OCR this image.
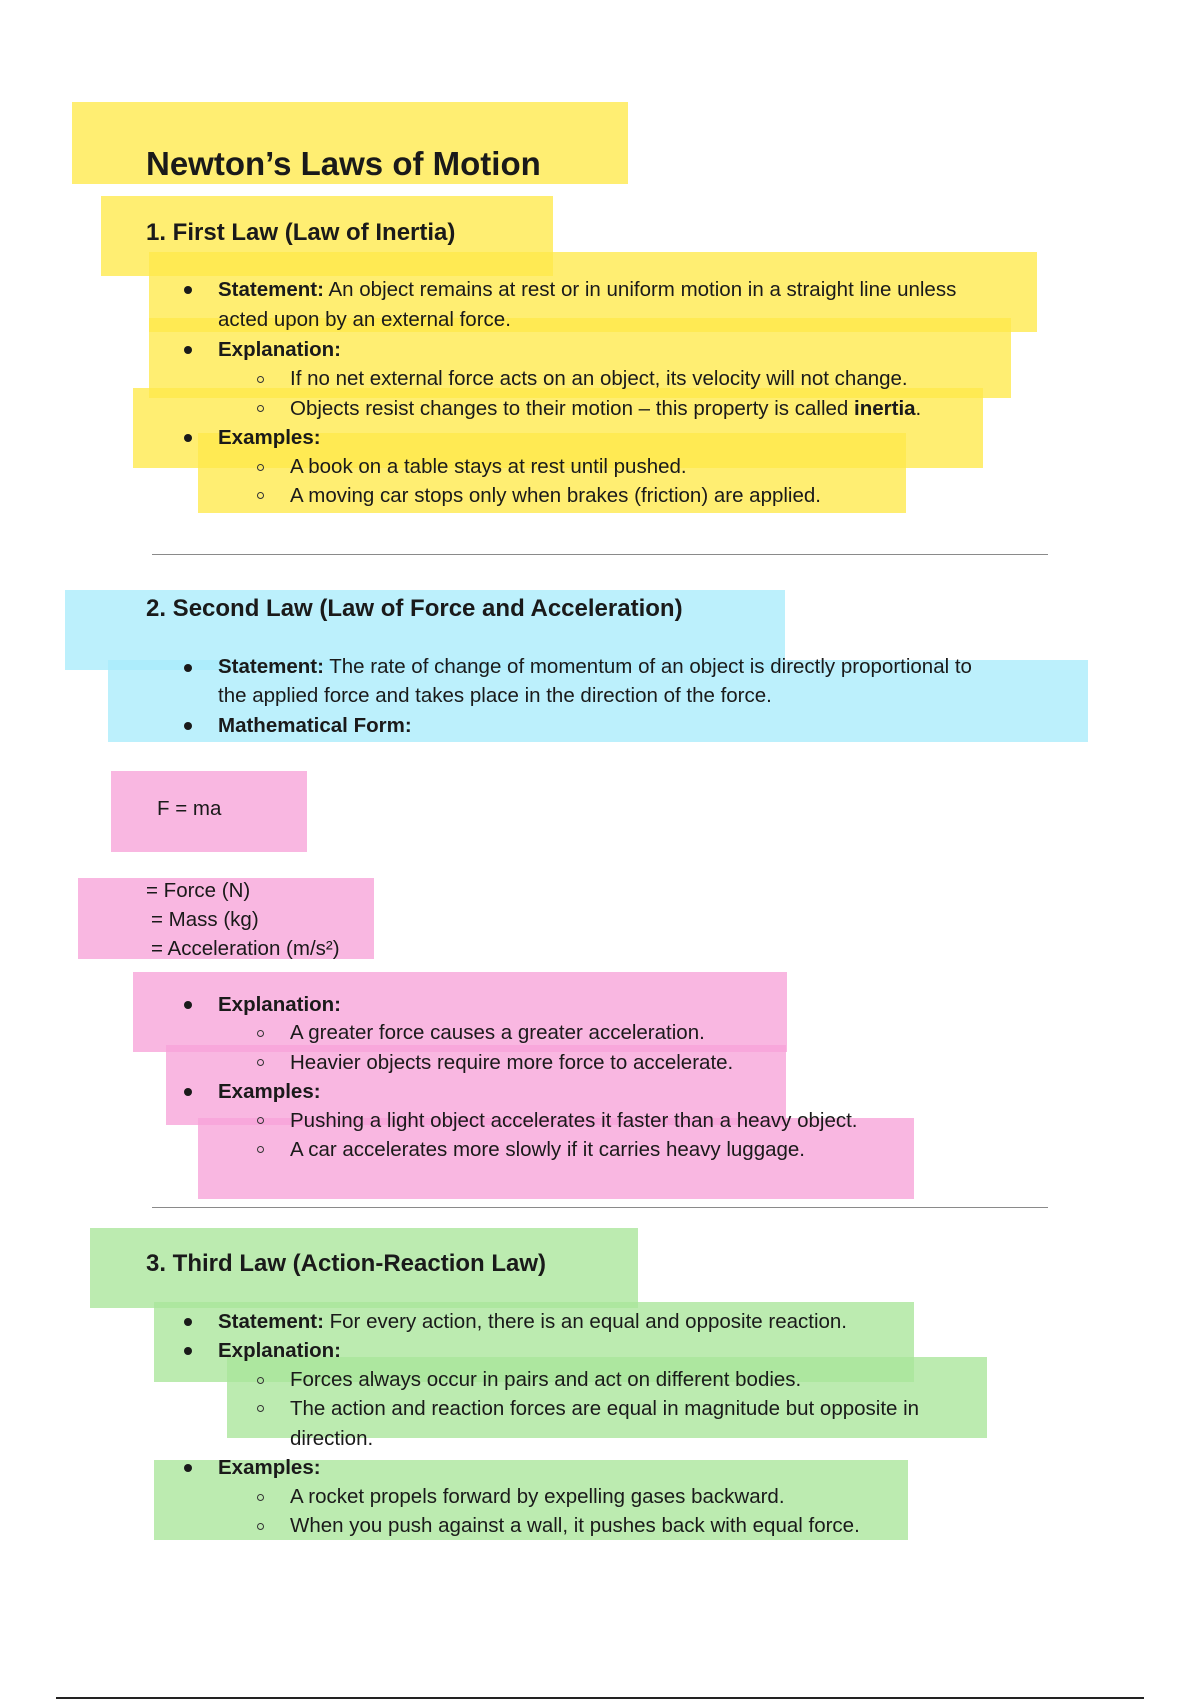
Newton’s Laws of Motion
1. First Law (Law of Inertia)
Statement: An object remains at rest or in uniform motion in a straight line unless
acted upon by an external force.
Explanation:
If no net external force acts on an object, its velocity will not change.
Objects resist changes to their motion – this property is called inertia.
Examples:
A book on a table stays at rest until pushed.
A moving car stops only when brakes (friction) are applied.
2. Second Law (Law of Force and Acceleration)
Statement: The rate of change of momentum of an object is directly proportional to
the applied force and takes place in the direction of the force.
Mathematical Form:
F = ma
= Force (N)
= Mass (kg)
= Acceleration (m/s²)
Explanation:
A greater force causes a greater acceleration.
Heavier objects require more force to accelerate.
Examples:
Pushing a light object accelerates it faster than a heavy object.
A car accelerates more slowly if it carries heavy luggage.
3. Third Law (Action-Reaction Law)
Statement: For every action, there is an equal and opposite reaction.
Explanation:
Forces always occur in pairs and act on different bodies.
The action and reaction forces are equal in magnitude but opposite in
direction.
Examples:
A rocket propels forward by expelling gases backward.
When you push against a wall, it pushes back with equal force.
